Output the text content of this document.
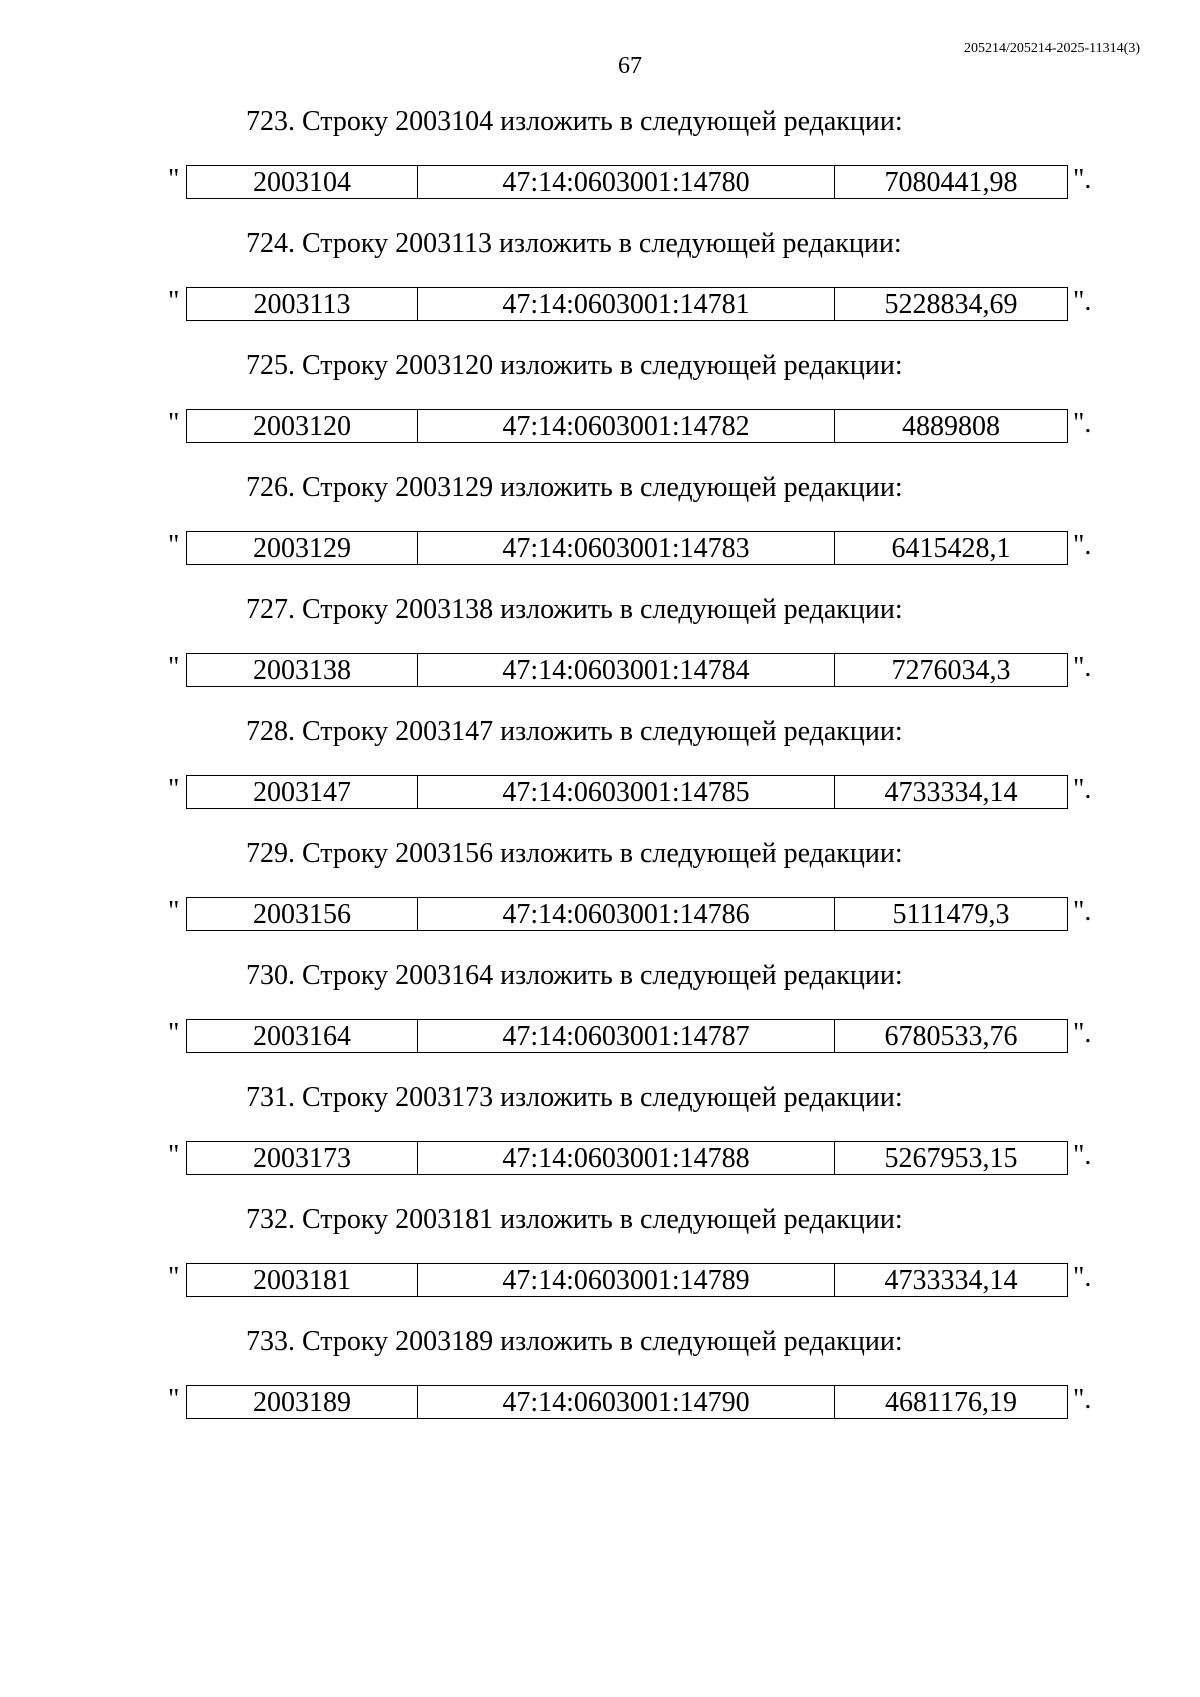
67
205214/205214-2025-11314(3)
723. Строку 2003104 изложить в следующей редакции:
"	2003104	47:14:0603001:14780	7080441,98 ".
724. Строку 2003113 изложить в следующей редакции:
"	2003113	47:14:0603001:14781	5228834,69 ".
725. Строку 2003120 изложить в следующей редакции:
"	2003120	47:14:0603001:14782	4889808	".
726. Строку 2003129 изложить в следующей редакции:
"	2003129	47:14:0603001:14783	6415428,1 ".
727. Строку 2003138 изложить в следующей редакции:
"	2003138	47:14:0603001:14784	7276034,3 ".
728. Строку 2003147 изложить в следующей редакции:
"	2003147	47:14:0603001:14785	4733334,14 ".
729. Строку 2003156 изложить в следующей редакции:
"	2003156	47:14:0603001:14786	5111479,3 ".
730. Строку 2003164 изложить в следующей редакции:
"	2003164	47:14:0603001:14787	6780533,76 ".
731. Строку 2003173 изложить в следующей редакции:
"	2003173	47:14:0603001:14788	5267953,15 ".
732. Строку 2003181 изложить в следующей редакции:
"	2003181	47:14:0603001:14789	4733334,14 ".
733. Строку 2003189 изложить в следующей редакции:
"	2003189	47:14:0603001:14790	4681176,19 ".
